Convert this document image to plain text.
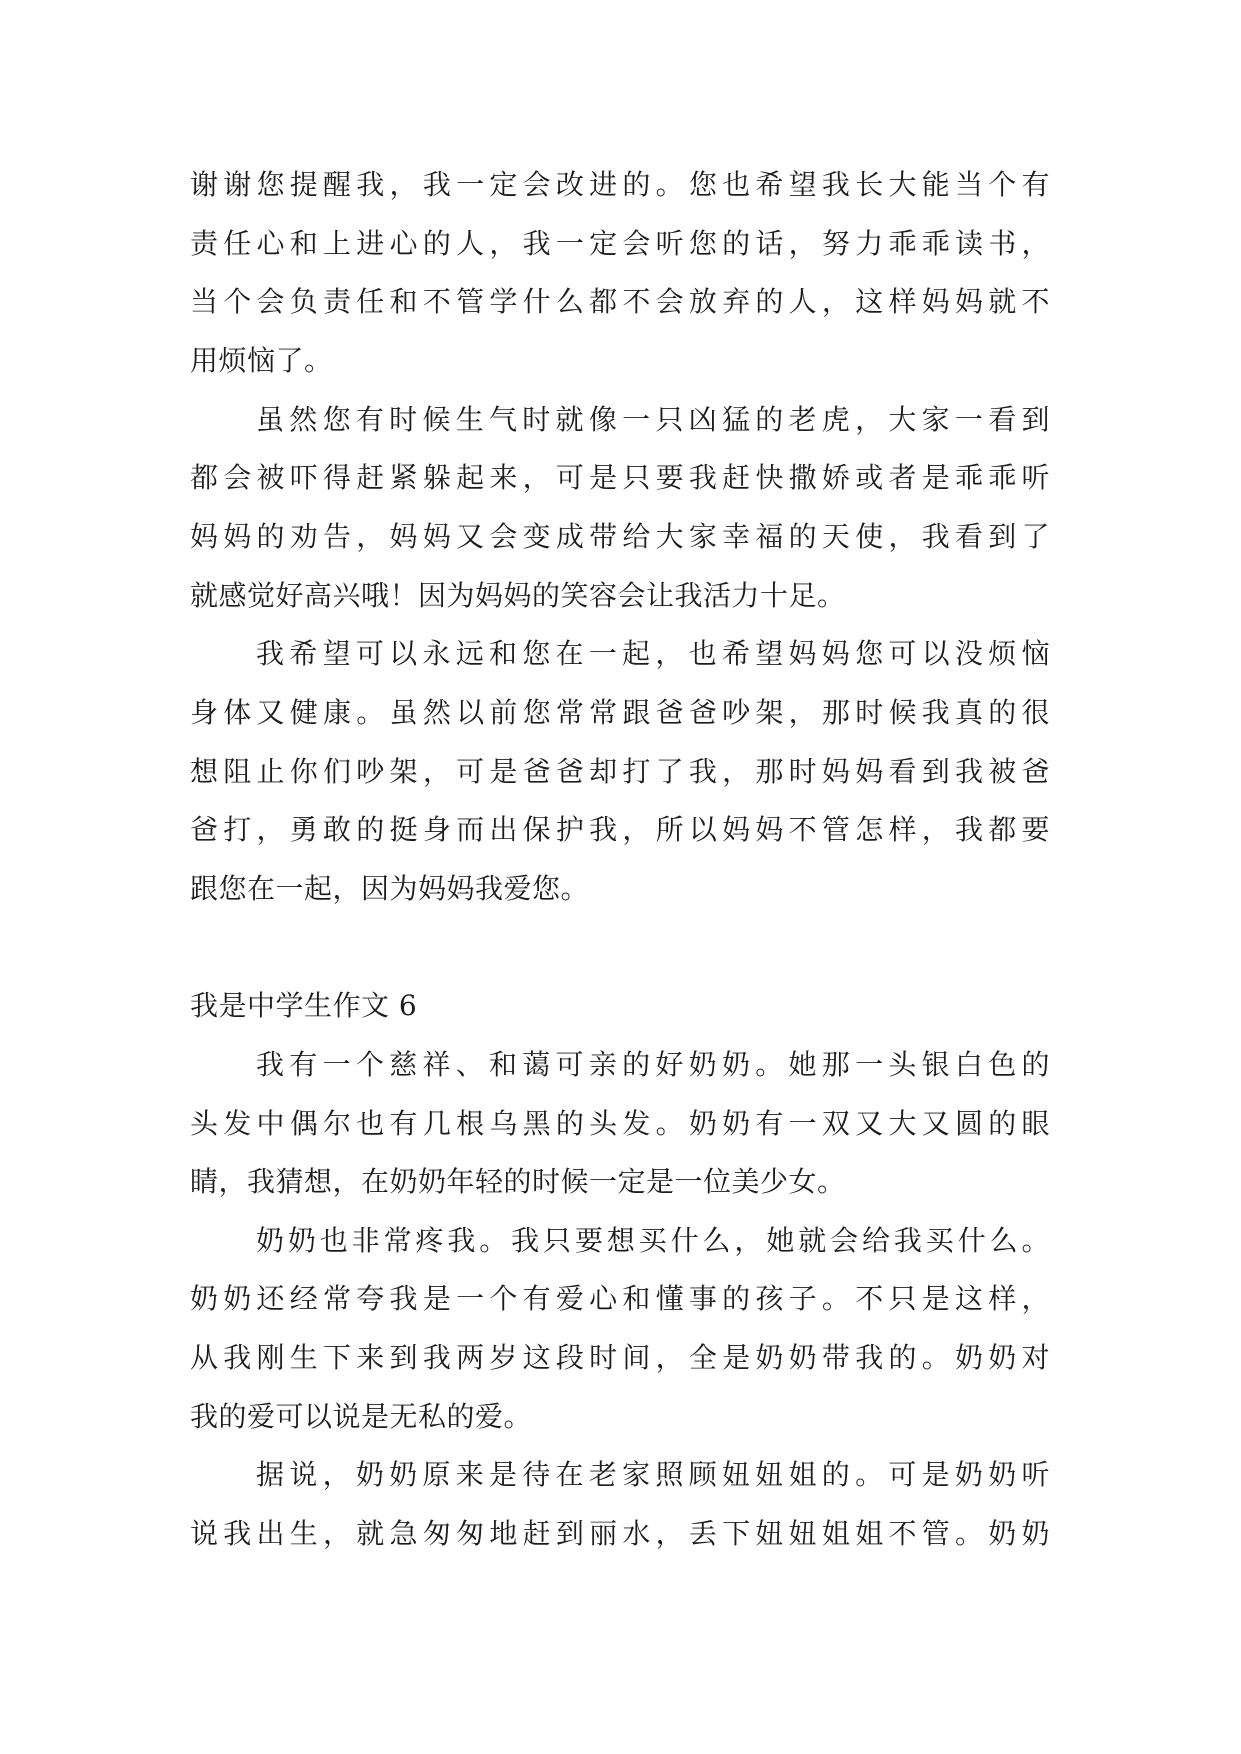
谢谢您提醒我，我一定会改进的。您也希望我长大能当个有
责任心和上进心的人，我一定会听您的话，努力乖乖读书，
当个会负责任和不管学什么都不会放弃的人，这样妈妈就不
用烦恼了。
虽然您有时候生气时就像一只凶猛的老虎，大家一看到
都会被吓得赶紧躲起来，可是只要我赶快撒娇或者是乖乖听
妈妈的劝告，妈妈又会变成带给大家幸福的天使，我看到了
就感觉好高兴哦！因为妈妈的笑容会让我活力十足。
我希望可以永远和您在一起，也希望妈妈您可以没烦恼
身体又健康。虽然以前您常常跟爸爸吵架，那时候我真的很
想阻止你们吵架，可是爸爸却打了我，那时妈妈看到我被爸
爸打，勇敢的挺身而出保护我，所以妈妈不管怎样，我都要
跟您在一起，因为妈妈我爱您。
我是中学生作文 6
我有一个慈祥、和蔼可亲的好奶奶。她那一头银白色的
头发中偶尔也有几根乌黑的头发。奶奶有一双又大又圆的眼
睛，我猜想，在奶奶年轻的时候一定是一位美少女。
奶奶也非常疼我。我只要想买什么，她就会给我买什么。
奶奶还经常夸我是一个有爱心和懂事的孩子。不只是这样，
从我刚生下来到我两岁这段时间，全是奶奶带我的。奶奶对
我的爱可以说是无私的爱。
据说，奶奶原来是待在老家照顾妞妞姐的。可是奶奶听
说我出生，就急匆匆地赶到丽水，丢下妞妞姐姐不管。奶奶
